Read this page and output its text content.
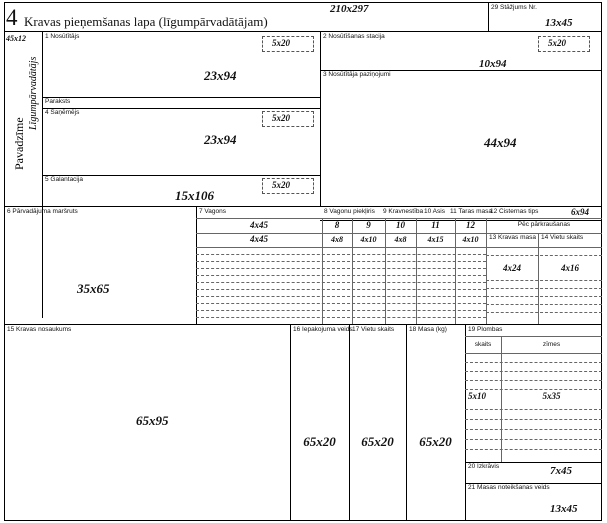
4 Kravas pieņemšanas lapa (līgumpārvadātājam)
210x297	29 Stāžjums Nr.
13x45
Pavadzīme
Līgumpārvadātājs
45x12	1 Nosūtītājs
5x20
23x94
Paraksts
4 Saņēmējs
5x20
23x94
5 Galantacija
5x20
15x106
2 Nosūtīšanas stacija
5x20
10x94
3 Nosūtītāja paziņojumi
44x94
8 Vagonu piekļiris 9 Kravnestība 10 Asis 11 Taras masa
12 Cisternas tips	6x94
6 Pārvadājuma maršruts
35x65
7 Vagons
4x45
4x45
8	9	10	11	12
4x8	4x10	4x8	4x15	4x10
Pēc pārkraušanas
13 Kravas masa 14 Vietu skaits
4x24	4x16
15 Kravas nosaukums
65x95
16 Iepakojuma veids
65x20
17 Vietu skaits
65x20
18 Masa (kg)
65x20
19 Plombas
skaits	zīmes
5x10	5x35
20 Izkrāvis	7x45
21 Masas noteikšanas veids
13x45
